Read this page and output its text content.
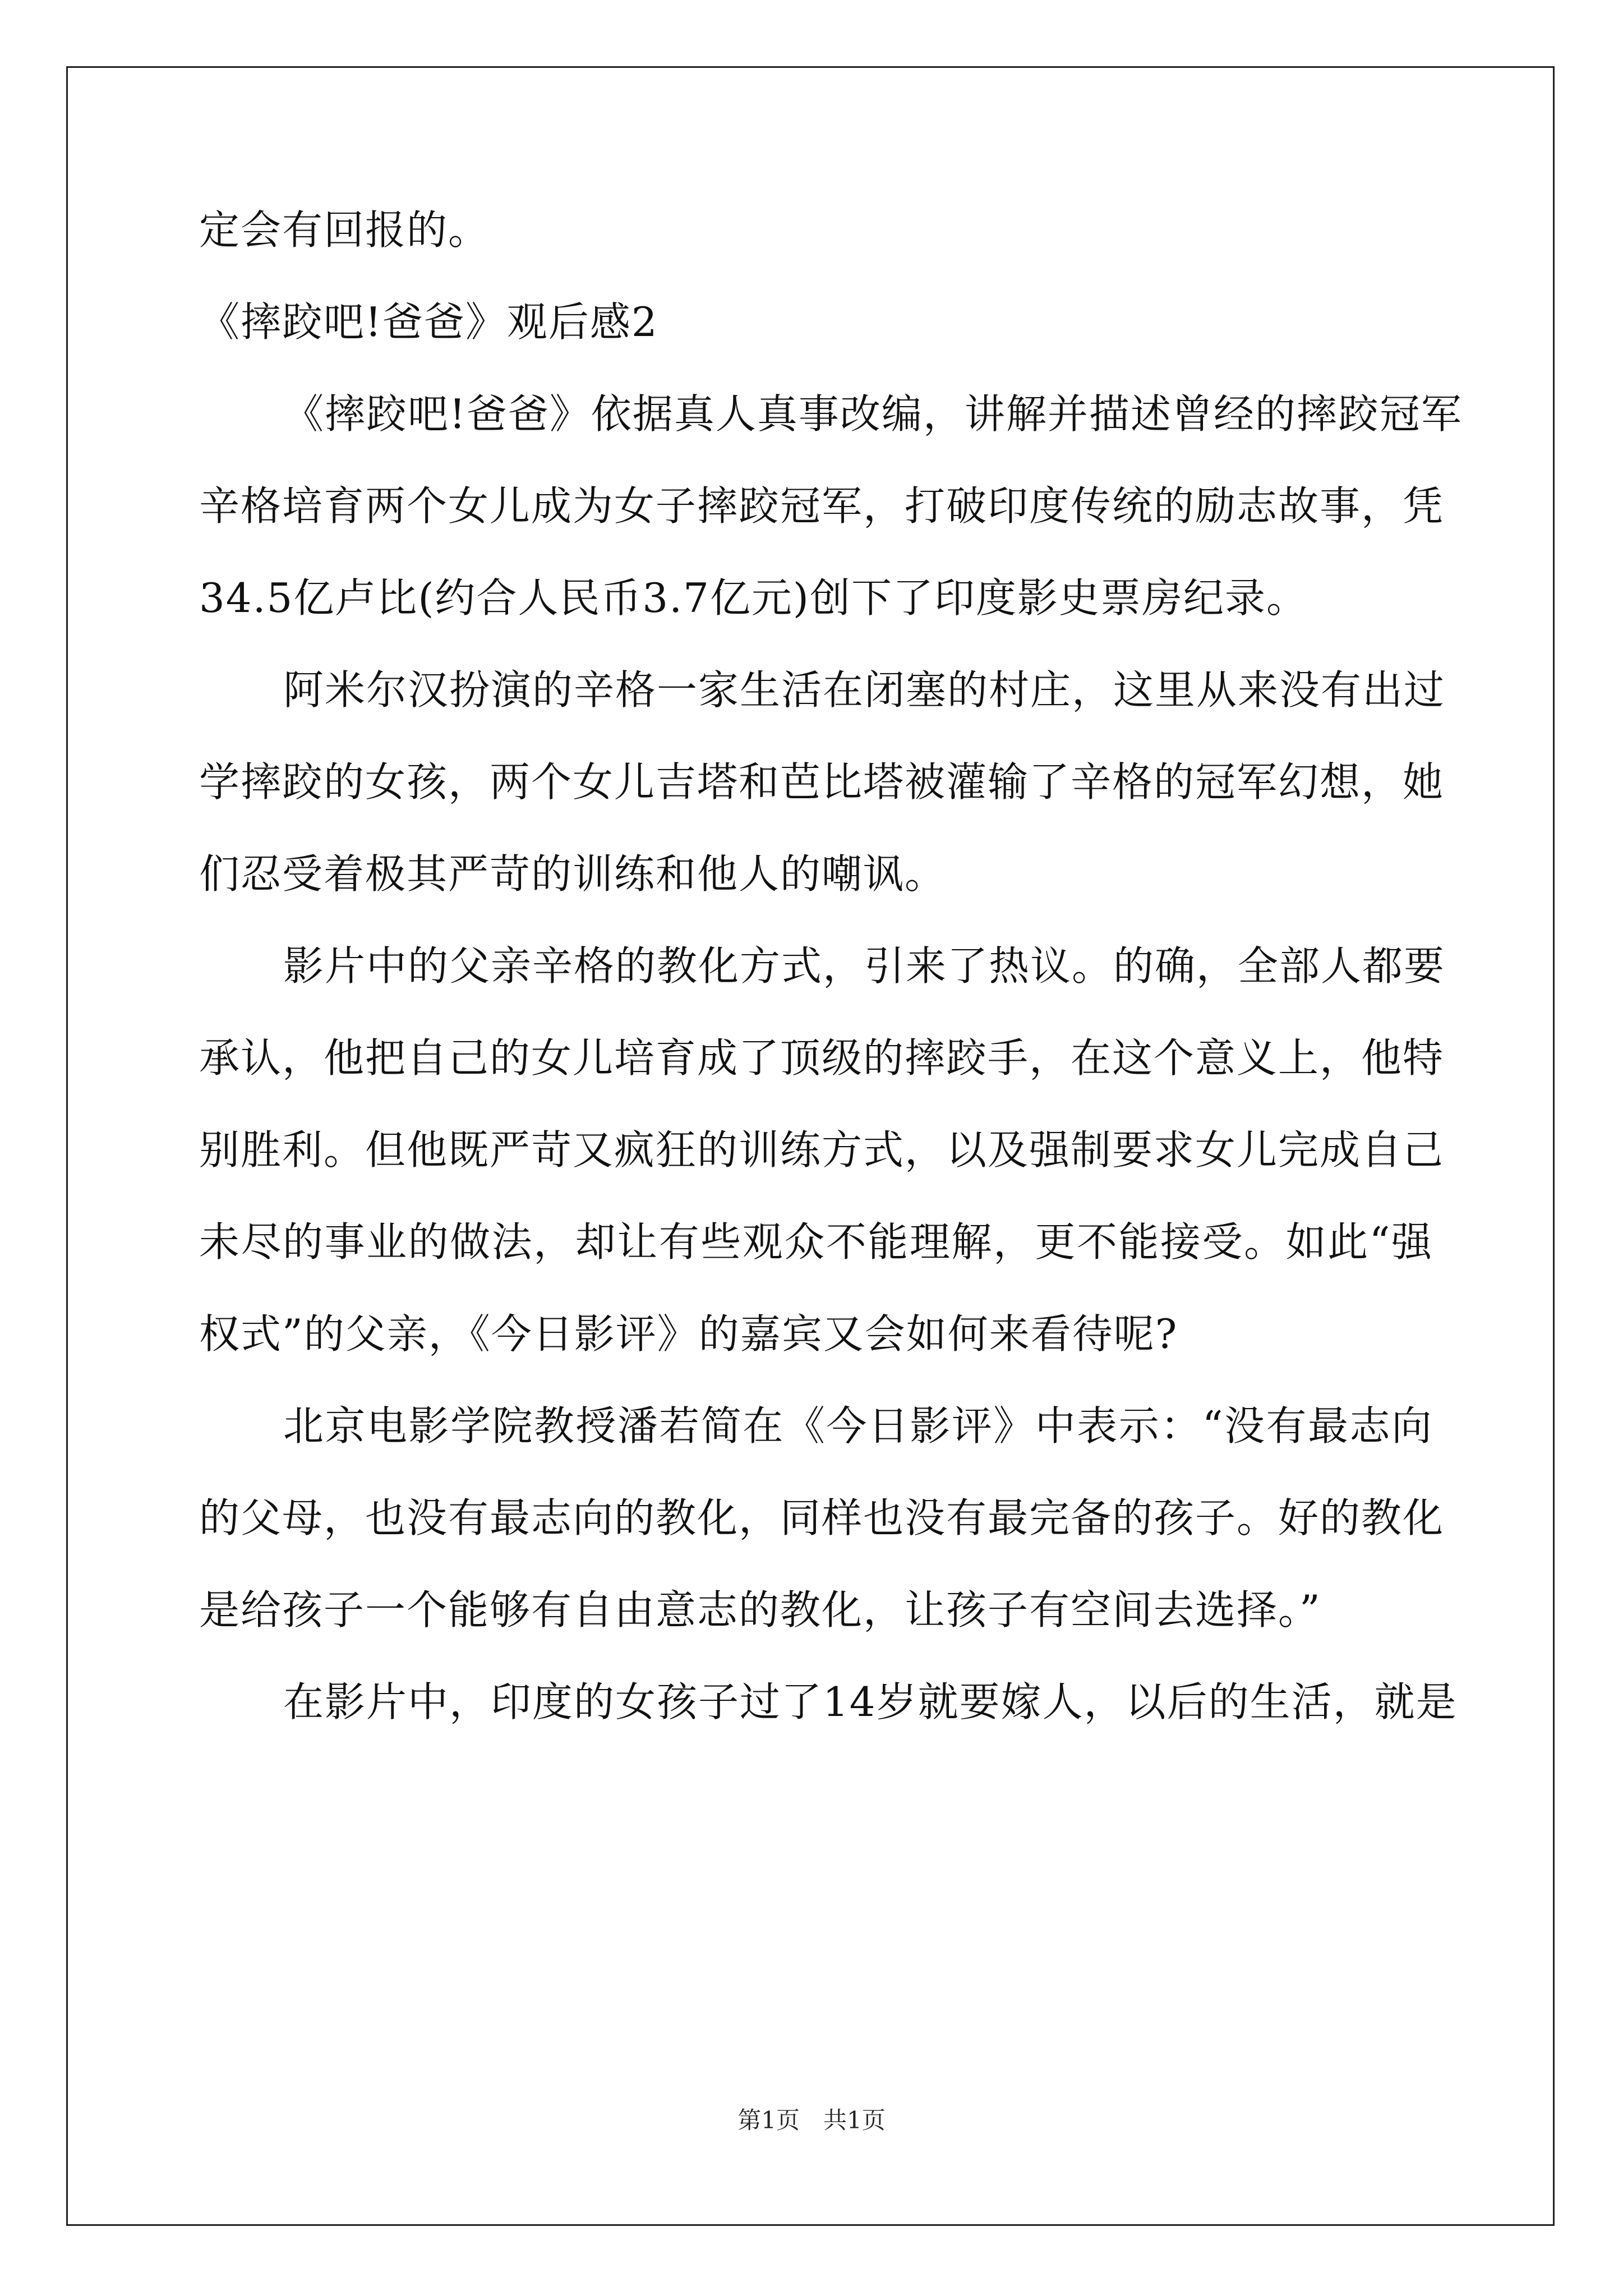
定会有回报的。
《摔跤吧!爸爸》观后感2
《摔跤吧!爸爸》依据真人真事改编，讲解并描述曾经的摔跤冠军
辛格培育两个女儿成为女子摔跤冠军，打破印度传统的励志故事，凭
34.5亿卢比(约合人民币3.7亿元)创下了印度影史票房纪录。
阿米尔汉扮演的辛格一家生活在闭塞的村庄，这里从来没有出过
学摔跤的女孩，两个女儿吉塔和芭比塔被灌输了辛格的冠军幻想，她
们忍受着极其严苛的训练和他人的嘲讽。
影片中的父亲辛格的教化方式，引来了热议。的确，全部人都要
承认，他把自己的女儿培育成了顶级的摔跤手，在这个意义上，他特
别胜利。但他既严苛又疯狂的训练方式，以及强制要求女儿完成自己
未尽的事业的做法，却让有些观众不能理解，更不能接受。如此“强
权式”的父亲，《今日影评》的嘉宾又会如何来看待呢?
北京电影学院教授潘若简在《今日影评》中表示：“没有最志向
的父母，也没有最志向的教化，同样也没有最完备的孩子。好的教化
是给孩子一个能够有自由意志的教化，让孩子有空间去选择。”
在影片中，印度的女孩子过了14岁就要嫁人，以后的生活，就是
第1页　共1页
